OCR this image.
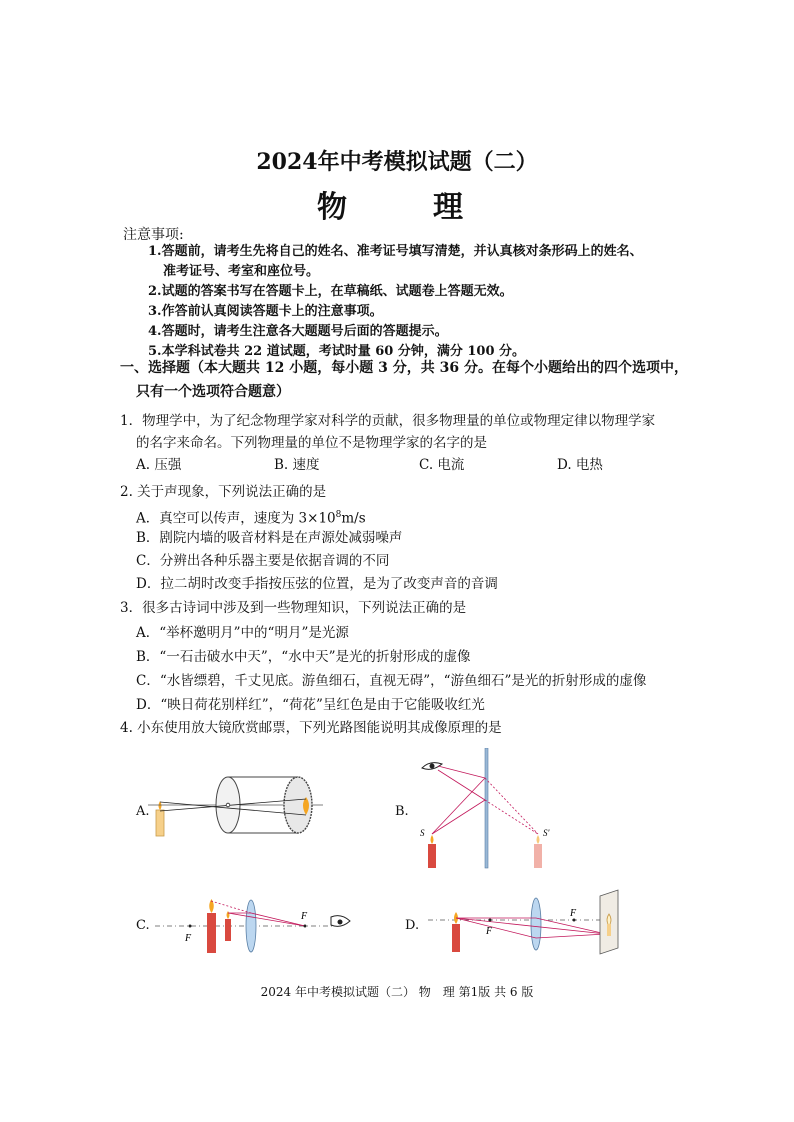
2024年中考模拟试题（二）
物　理
注意事项:
1.答题前，请考生先将自己的姓名、准考证号填写清楚，并认真核对条形码上的姓名、
准考证号、考室和座位号。
2.试题的答案书写在答题卡上，在草稿纸、试题卷上答题无效。
3.作答前认真阅读答题卡上的注意事项。
4.答题时，请考生注意各大题题号后面的答题提示。
5.本学科试卷共 22 道试题，考试时量 60 分钟，满分 100 分。
一、选择题（本大题共 12 小题，每小题 3 分，共 36 分。在每个小题给出的四个选项中，
只有一个选项符合题意）
1．物理学中，为了纪念物理学家对科学的贡献，很多物理量的单位或物理定律以物理学家
的名字来命名。下列物理量的单位不是物理学家的名字的是
A. 压强	B. 速度	C. 电流	D. 电热
2. 关于声现象，下列说法正确的是
A．真空可以传声，速度为 $3\times 10^8m/s$
B．剧院内墙的吸音材料是在声源处减弱噪声
C．分辨出各种乐器主要是依据音调的不同
D．拉二胡时改变手指按压弦的位置，是为了改变声音的音调
3．很多古诗词中涉及到一些物理知识，下列说法正确的是
A．“举杯邀明月”中的“明月”是光源
B．“一石击破水中天”，“水中天”是光的折射形成的虚像
C．“水皆缥碧，千丈见底。游鱼细石，直视无碍”，“游鱼细石”是光的折射形成的虚像
D．“映日荷花别样红”，“荷花”呈红色是由于它能吸收红光
4. 小东使用放大镜欣赏邮票，下列光路图能说明其成像原理的是
A.	B.
S	S'
C.
F
F
D.	F
F
2024 年中考模拟试题（二） 物　理 第1版 共 6 版
